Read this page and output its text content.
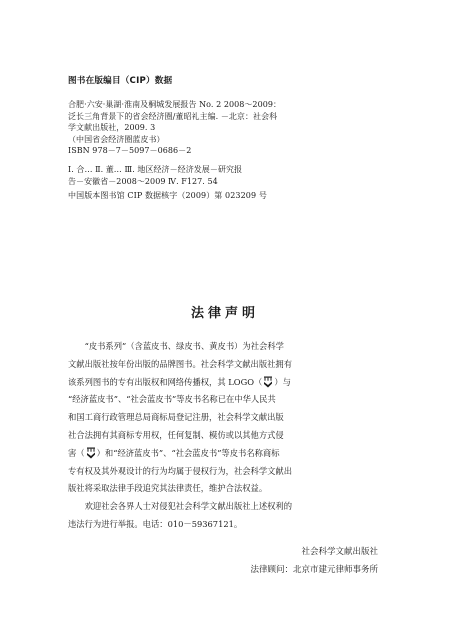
图书在版编目（CIP）数据
合肥·六安·巢湖·淮南及桐城发展报告 No. 2 2008～2009：
泛长三角背景下的省会经济圈/董昭礼主编. －北京：社会科
学文献出版社，2009. 3
（中国省会经济圈蓝皮书）
ISBN 978－7－5097－0686－2
Ⅰ. 合… Ⅱ. 董… Ⅲ. 地区经济－经济发展－研究报
告－安徽省－2008～2009 Ⅳ. F127. 54
中国版本图书馆 CIP 数据核字（2009）第 023209 号
法律声明

“皮书系列”（含蓝皮书、绿皮书、黄皮书）为社会科学

文献出版社按年份出版的品牌图书。社会科学文献出版社拥有

该系列图书的专有出版权和网络传播权，其 LOGO（ ）与

“经济蓝皮书”、“社会蓝皮书”等皮书名称已在中华人民共

和国工商行政管理总局商标局登记注册，社会科学文献出版

社合法拥有其商标专用权，任何复制、模仿或以其他方式侵

害（ ）和“经济蓝皮书”、“社会蓝皮书”等皮书名称商标

专有权及其外观设计的行为均属于侵权行为，社会科学文献出

版社将采取法律手段追究其法律责任，维护合法权益。

欢迎社会各界人士对侵犯社会科学文献出版社上述权利的

违法行为进行举报。电话：010－59367121。

社会科学文献出版社
法律顾问：北京市建元律师事务所
